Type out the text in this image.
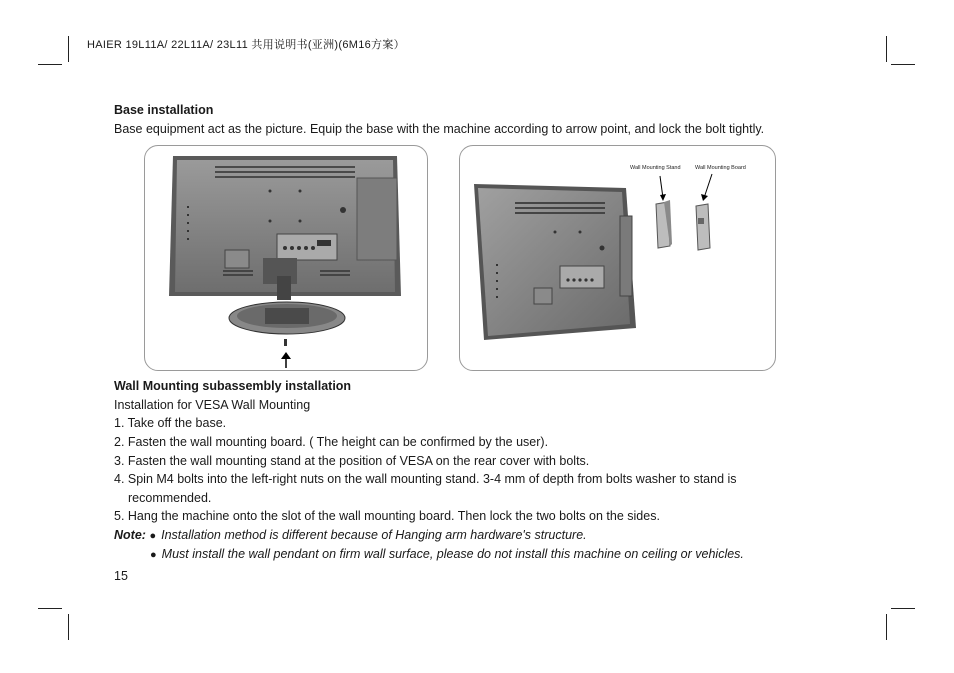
HAIER 19L11A/ 22L11A/ 23L11 共用说明书(亚洲)(6M16方案）
Base installation
Base equipment act as the picture. Equip the base with the machine according to arrow point, and lock the bolt tightly.
Wall Mounting Stand	Wall Mounting Board
Wall Mounting subassembly installation
Installation for VESA Wall Mounting
1. Take off the base.
2. Fasten the wall mounting board. ( The height can be confirmed by the user).
3. Fasten the wall mounting stand at the position of VESA on the rear cover with bolts.
4. Spin M4 bolts into the left-right nuts on the wall mounting stand. 3-4 mm of depth from bolts washer to stand is
recommended.
5. Hang the machine onto the slot of the wall mounting board. Then lock the two bolts on the sides.
Note: ● Installation method is different because of Hanging arm hardware's structure.
● Must install the wall pendant on firm wall surface, please do not install this machine on ceiling or vehicles.
15
